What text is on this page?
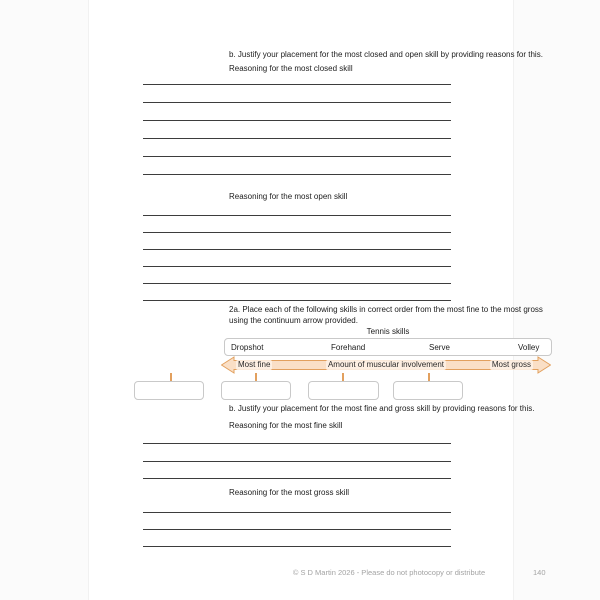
b. Justify your placement for the most closed and open skill by providing reasons for this.
Reasoning for the most closed skill
Reasoning for the most open skill
2a. Place each of the following skills in correct order from the most fine to the most gross using the continuum arrow provided.
Tennis skills
Dropshot	Forehand	Serve	Volley
Most fine	Amount of muscular involvement	Most gross
b. Justify your placement for the most fine and gross skill by providing reasons for this.
Reasoning for the most fine skill
Reasoning for the most gross skill
© S D Martin 2026 - Please do not photocopy or distribute	140
